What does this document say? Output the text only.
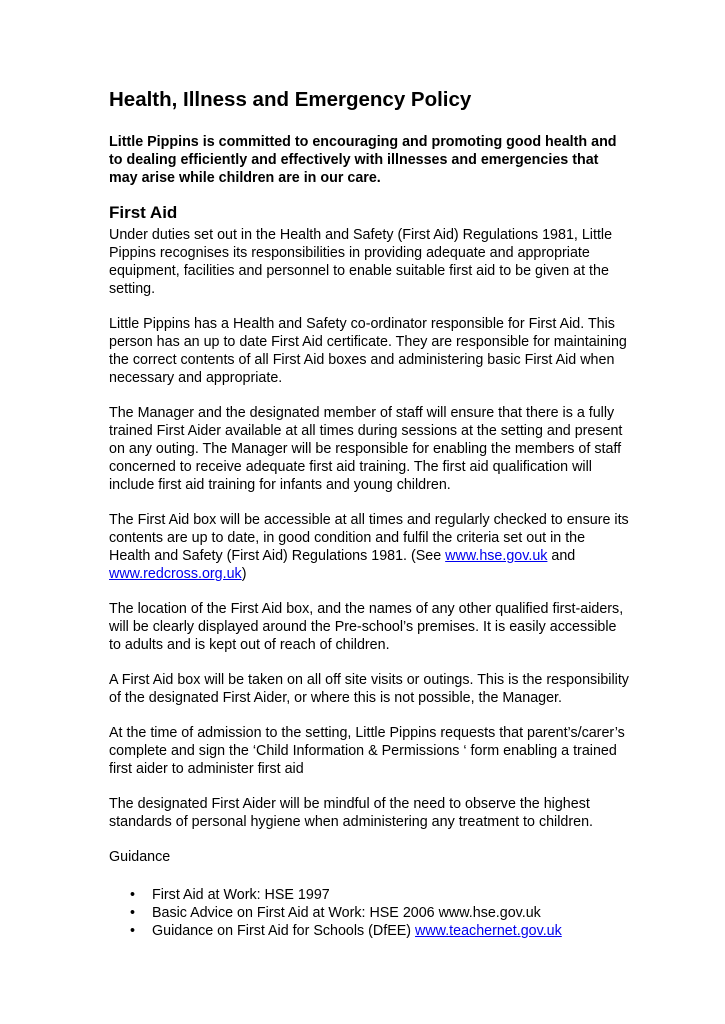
Health, Illness and Emergency Policy

Little Pippins is committed to encouraging and promoting good health and to dealing efficiently and effectively with illnesses and emergencies that may arise while children are in our care.

First Aid

Under duties set out in the Health and Safety (First Aid) Regulations 1981, Little Pippins recognises its responsibilities in providing adequate and appropriate equipment, facilities and personnel to enable suitable first aid to be given at the setting.

Little Pippins has a Health and Safety co-ordinator responsible for First Aid. This person has an up to date First Aid certificate. They are responsible for maintaining the correct contents of all First Aid boxes and administering basic First Aid when necessary and appropriate.

The Manager and the designated member of staff will ensure that there is a fully trained First Aider available at all times during sessions at the setting and present on any outing. The Manager will be responsible for enabling the members of staff concerned to receive adequate first aid training. The first aid qualification will include first aid training for infants and young children.

The First Aid box will be accessible at all times and regularly checked to ensure its contents are up to date, in good condition and fulfil the criteria set out in the Health and Safety (First Aid) Regulations 1981. (See www.hse.gov.uk and www.redcross.org.uk)

The location of the First Aid box, and the names of any other qualified first-aiders, will be clearly displayed around the Pre-school’s premises. It is easily accessible to adults and is kept out of reach of children.

A First Aid box will be taken on all off site visits or outings. This is the responsibility of the designated First Aider, or where this is not possible, the Manager.

At the time of admission to the setting, Little Pippins requests that parent’s/carer’s complete and sign the ‘Child Information & Permissions ‘ form enabling a trained first aider to administer first aid

The designated First Aider will be mindful of the need to observe the highest standards of personal hygiene when administering any treatment to children.

Guidance

• First Aid at Work: HSE 1997
• Basic Advice on First Aid at Work: HSE 2006 www.hse.gov.uk
• Guidance on First Aid for Schools (DfEE) www.teachernet.gov.uk
